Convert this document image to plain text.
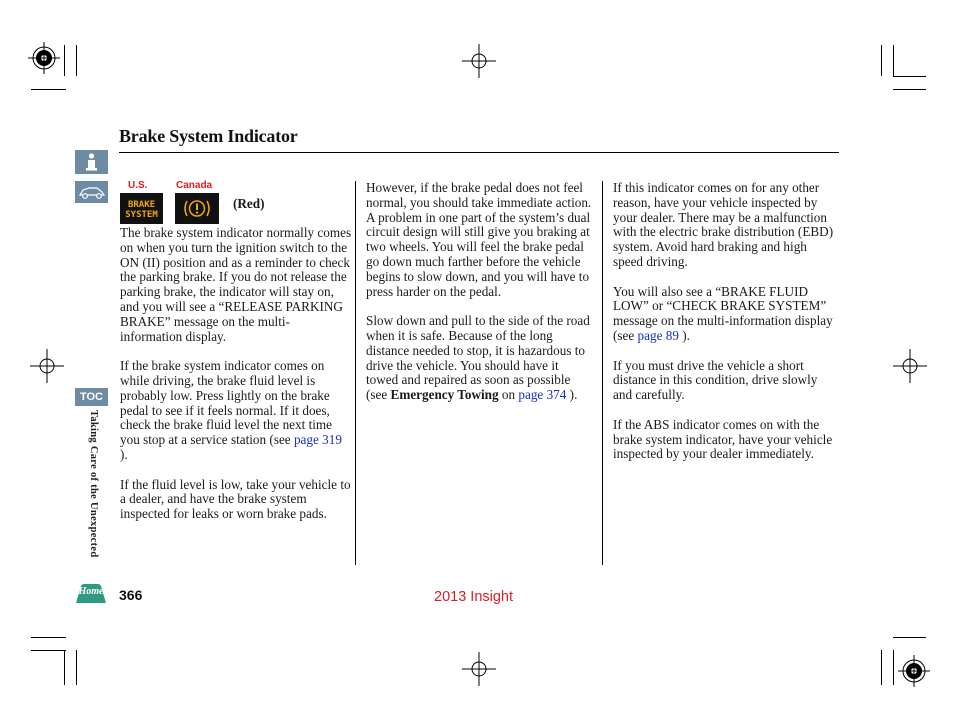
Brake System Indicator
TOC
Taking Care of the Unexpected
Home
U.S.	Canada
BRAKE
SYSTEM
(Red)

The brake system indicator normally comes on when you turn the ignition switch to the ON (II) position and as a reminder to check the parking brake. If you do not release the parking brake, the indicator will stay on, and you will see a “RELEASE PARKING BRAKE” message on the multi-information display.

If the brake system indicator comes on while driving, the brake fluid level is probably low. Press lightly on the brake pedal to see if it feels normal. If it does, check the brake fluid level the next time you stop at a service station (see page 319 ).

If the fluid level is low, take your vehicle to a dealer, and have the brake system inspected for leaks or worn brake pads.

However, if the brake pedal does not feel normal, you should take immediate action. A problem in one part of the system’s dual circuit design will still give you braking at two wheels. You will feel the brake pedal go down much farther before the vehicle begins to slow down, and you will have to press harder on the pedal.

Slow down and pull to the side of the road when it is safe. Because of the long distance needed to stop, it is hazardous to drive the vehicle. You should have it towed and repaired as soon as possible (see Emergency Towing on page 374 ).

If this indicator comes on for any other reason, have your vehicle inspected by your dealer. There may be a malfunction with the electric brake distribution (EBD) system. Avoid hard braking and high speed driving.

You will also see a “BRAKE FLUID LOW” or “CHECK BRAKE SYSTEM” message on the multi-information display (see page 89 ).

If you must drive the vehicle a short distance in this condition, drive slowly and carefully.

If the ABS indicator comes on with the brake system indicator, have your vehicle inspected by your dealer immediately.

366	2013 Insight
